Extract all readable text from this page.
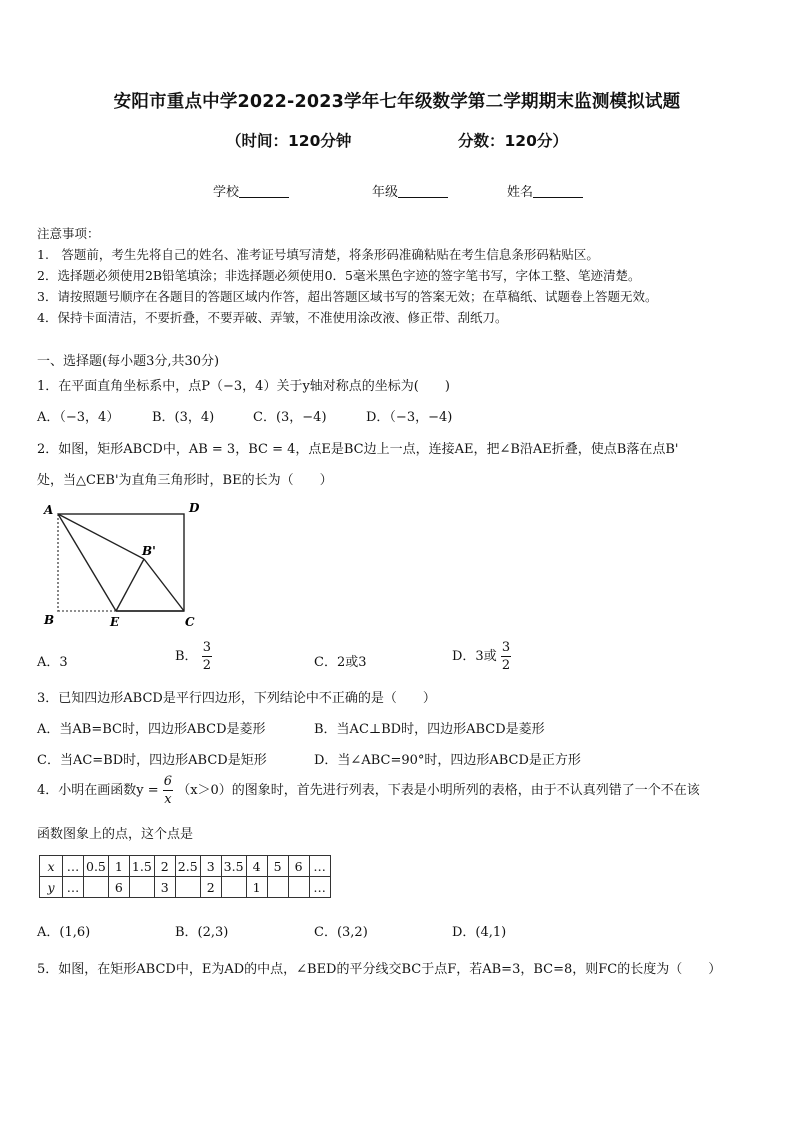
安阳市重点中学2022-2023学年七年级数学第二学期期末监测模拟试题
（时间：120分钟	分数：120分）
学校	年级	姓名
注意事项：
1.　答题前，考生先将自己的姓名、准考证号填写清楚，将条形码准确粘贴在考生信息条形码粘贴区。
2．选择题必须使用2B铅笔填涂；非选择题必须使用0．5毫米黑色字迹的签字笔书写，字体工整、笔迹清楚。
3．请按照题号顺序在各题目的答题区域内作答，超出答题区域书写的答案无效；在草稿纸、试题卷上答题无效。
4．保持卡面清洁，不要折叠，不要弄破、弄皱，不准使用涂改液、修正带、刮纸刀。
一、选择题(每小题3分,共30分)
1．在平面直角坐标系中，点P（−3，4）关于y轴对称点的坐标为(　　)
A．（−3，4）	B．(3，4)	C．(3，−4)	D．（−3，−4)
2．如图，矩形ABCD中，AB = 3，BC = 4，点E是BC边上一点，连接AE，把∠B沿AE折叠，使点B落在点B'
处，当△CEB'为直角三角形时，BE的长为（　　）
A	D
B'
B	E	C
A．3	B． $\frac{3}{2}$	C．2或3	D．3或 $\frac{3}{2}$
3．已知四边形ABCD是平行四边形，下列结论中不正确的是（　　）
A．当AB=BC时，四边形ABCD是菱形	B．当AC⊥BD时，四边形ABCD是菱形
C．当AC=BD时，四边形ABCD是矩形	D．当∠ABC=90°时，四边形ABCD是正方形
4．小明在画函数$y = \frac{6}{x} (x>0)$的图象时，首先进行列表，下表是小明所列的表格，由于不认真列错了一个不在该
函数图象上的点，这个点是
x	…	0.5	1	1.5	2	2.5	3	3.5	4	5	6	…
y	…		6		3		2		1			…
A．(1,6)	B．(2,3)	C．(3,2)	D．(4,1)
5．如图，在矩形ABCD中，E为AD的中点，∠BED的平分线交BC于点F，若AB=3，BC=8，则FC的长度为（　　）
